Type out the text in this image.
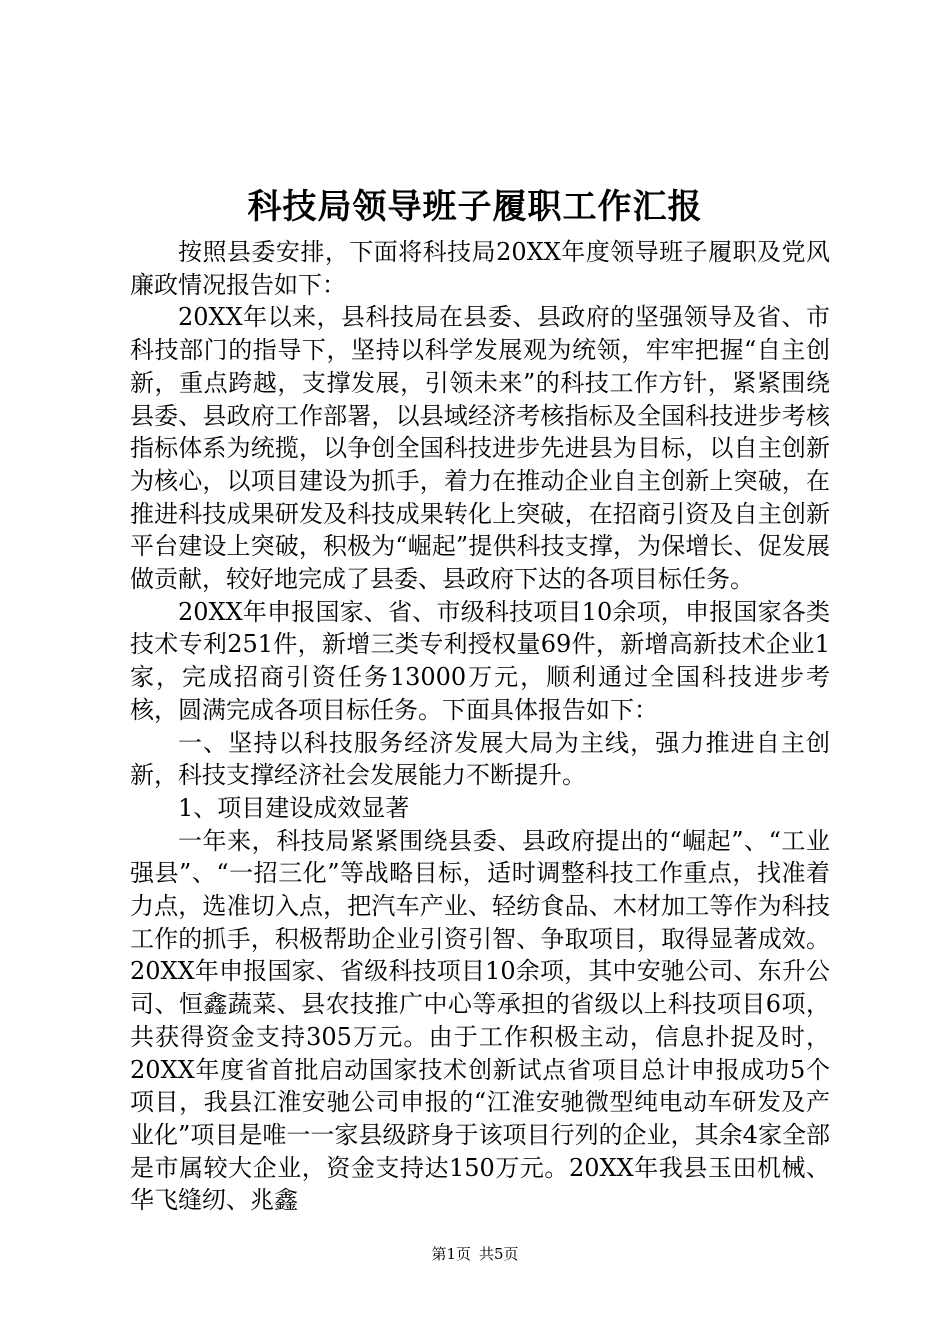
科技局领导班子履职工作汇报

按照县委安排，下面将科技局20XX年度领导班子履职及党风廉政情况报告如下：

20XX年以来，县科技局在县委、县政府的坚强领导及省、市科技部门的指导下，坚持以科学发展观为统领，牢牢把握“自主创新，重点跨越，支撑发展，引领未来”的科技工作方针，紧紧围绕县委、县政府工作部署，以县域经济考核指标及全国科技进步考核指标体系为统揽，以争创全国科技进步先进县为目标，以自主创新为核心，以项目建设为抓手，着力在推动企业自主创新上突破，在推进科技成果研发及科技成果转化上突破，在招商引资及自主创新平台建设上突破，积极为“崛起”提供科技支撑，为保增长、促发展做贡献，较好地完成了县委、县政府下达的各项目标任务。

20XX年申报国家、省、市级科技项目10余项，申报国家各类技术专利251件，新增三类专利授权量69件，新增高新技术企业1家，完成招商引资任务13000万元，顺利通过全国科技进步考核，圆满完成各项目标任务。下面具体报告如下：

一、坚持以科技服务经济发展大局为主线，强力推进自主创新，科技支撑经济社会发展能力不断提升。

1、项目建设成效显著

一年来，科技局紧紧围绕县委、县政府提出的“崛起”、“工业强县”、“一招三化”等战略目标，适时调整科技工作重点，找准着力点，选准切入点，把汽车产业、轻纺食品、木材加工等作为科技工作的抓手，积极帮助企业引资引智、争取项目，取得显著成效。20XX年申报国家、省级科技项目10余项，其中安驰公司、东升公司、恒鑫蔬菜、县农技推广中心等承担的省级以上科技项目6项，共获得资金支持305万元。由于工作积极主动，信息扑捉及时，20XX年度省首批启动国家技术创新试点省项目总计申报成功5个项目，我县江淮安驰公司申报的“江淮安驰微型纯电动车研发及产业化”项目是唯一一家县级跻身于该项目行列的企业，其余4家全部是市属较大企业，资金支持达150万元。20XX年我县玉田机械、华飞缝纫、兆鑫

第1页 共5页
